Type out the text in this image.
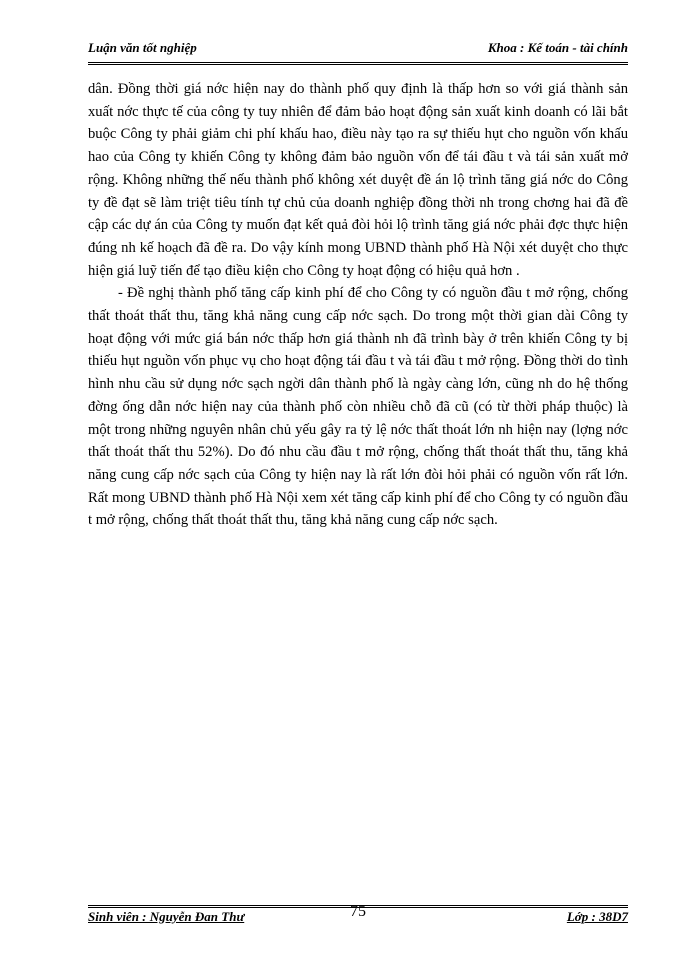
Luận văn tốt nghiệp	Khoa : Kế toán - tài chính

dân. Đồng thời giá nớc hiện nay do thành phố quy định là thấp hơn so với giá thành sản xuất nớc thực tế của công ty tuy nhiên để đảm bảo hoạt động sản xuất kinh doanh có lãi bắt buộc Công ty phải giảm chi phí khấu hao, điều này tạo ra sự thiếu hụt cho nguồn vốn khấu hao của Công ty khiến Công ty không đảm bảo nguồn vốn để tái đầu t và tái sản xuất mở rộng. Không những thế nếu thành phố không xét duyệt đề án lộ trình tăng giá nớc do Công ty đề đạt sẽ làm triệt tiêu tính tự chủ của doanh nghiệp đồng thời nh trong chơng hai đã đề cập các dự án của Công ty muốn đạt kết quả đòi hỏi lộ trình tăng giá nớc phải đợc thực hiện đúng nh kế hoạch đã đề ra. Do vậy kính mong UBND thành phố Hà Nội xét duyệt cho thực hiện giá luỹ tiến để tạo điều kiện cho Công ty hoạt động có hiệu quả hơn .

- Đề nghị thành phố tăng cấp kinh phí để cho Công ty có nguồn đầu t mở rộng, chống thất thoát thất thu, tăng khả năng cung cấp nớc sạch. Do trong một thời gian dài Công ty hoạt động với mức giá bán nớc thấp hơn giá thành nh đã trình bày ở trên khiến Công ty bị thiếu hụt nguồn vốn phục vụ cho hoạt động tái đầu t và tái đầu t mở rộng. Đồng thời do tình hình nhu cầu sử dụng nớc sạch ngời dân thành phố là ngày càng lớn, cũng nh do hệ thống đờng ống dẫn nớc hiện nay của thành phố còn nhiều chỗ đã cũ (có từ thời pháp thuộc) là một trong những nguyên nhân chủ yếu gây ra tỷ lệ nớc thất thoát lớn nh hiện nay (lợng nớc thất thoát thất thu 52%). Do đó nhu cầu đầu t mở rộng, chống thất thoát thất thu, tăng khả năng cung cấp nớc sạch của Công ty hiện nay là rất lớn đòi hỏi phải có nguồn vốn rất lớn. Rất mong UBND thành phố Hà Nội xem xét tăng cấp kinh phí để cho Công ty có nguồn đầu t mở rộng, chống thất thoát thất thu, tăng khả năng cung cấp nớc sạch.

Sinh viên : Nguyễn Đan Thư	75	Lớp : 38D7
